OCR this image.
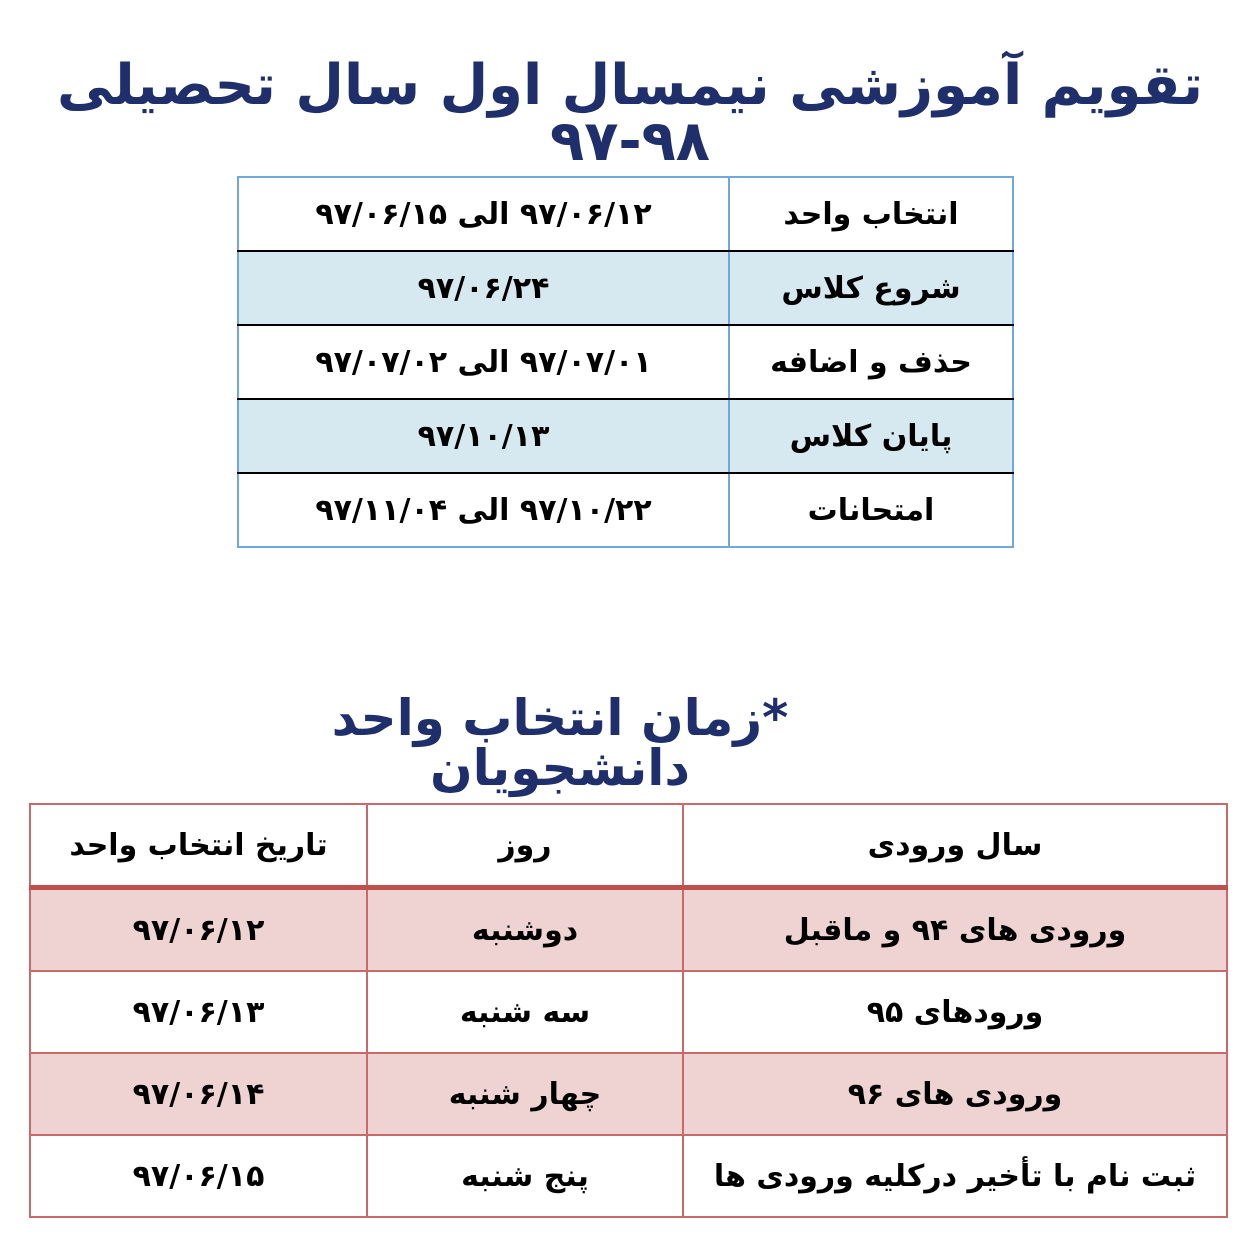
تقویم آموزشی نیمسال اول سال تحصیلی ۹۸-۹۷
انتخاب واحد	۹۷/۰۶/۱۲ الی ۹۷/۰۶/۱۵
شروع کلاس	۹۷/۰۶/۲۴
حذف و اضافه	۹۷/۰۷/۰۱ الی ۹۷/۰۷/۰۲
پایان کلاس	۹۷/۱۰/۱۳
امتحانات	۹۷/۱۰/۲۲ الی ۹۷/۱۱/۰۴
*زمان انتخاب واحد دانشجویان
سال ورودی	روز	تاریخ انتخاب واحد
ورودی های ۹۴ و ماقبل	دوشنبه	۹۷/۰۶/۱۲
ورودهای ۹۵	سه شنبه	۹۷/۰۶/۱۳
ورودی های ۹۶	چهار شنبه	۹۷/۰۶/۱۴
ثبت نام با تأخیر درکلیه ورودی ها	پنج شنبه	۹۷/۰۶/۱۵
